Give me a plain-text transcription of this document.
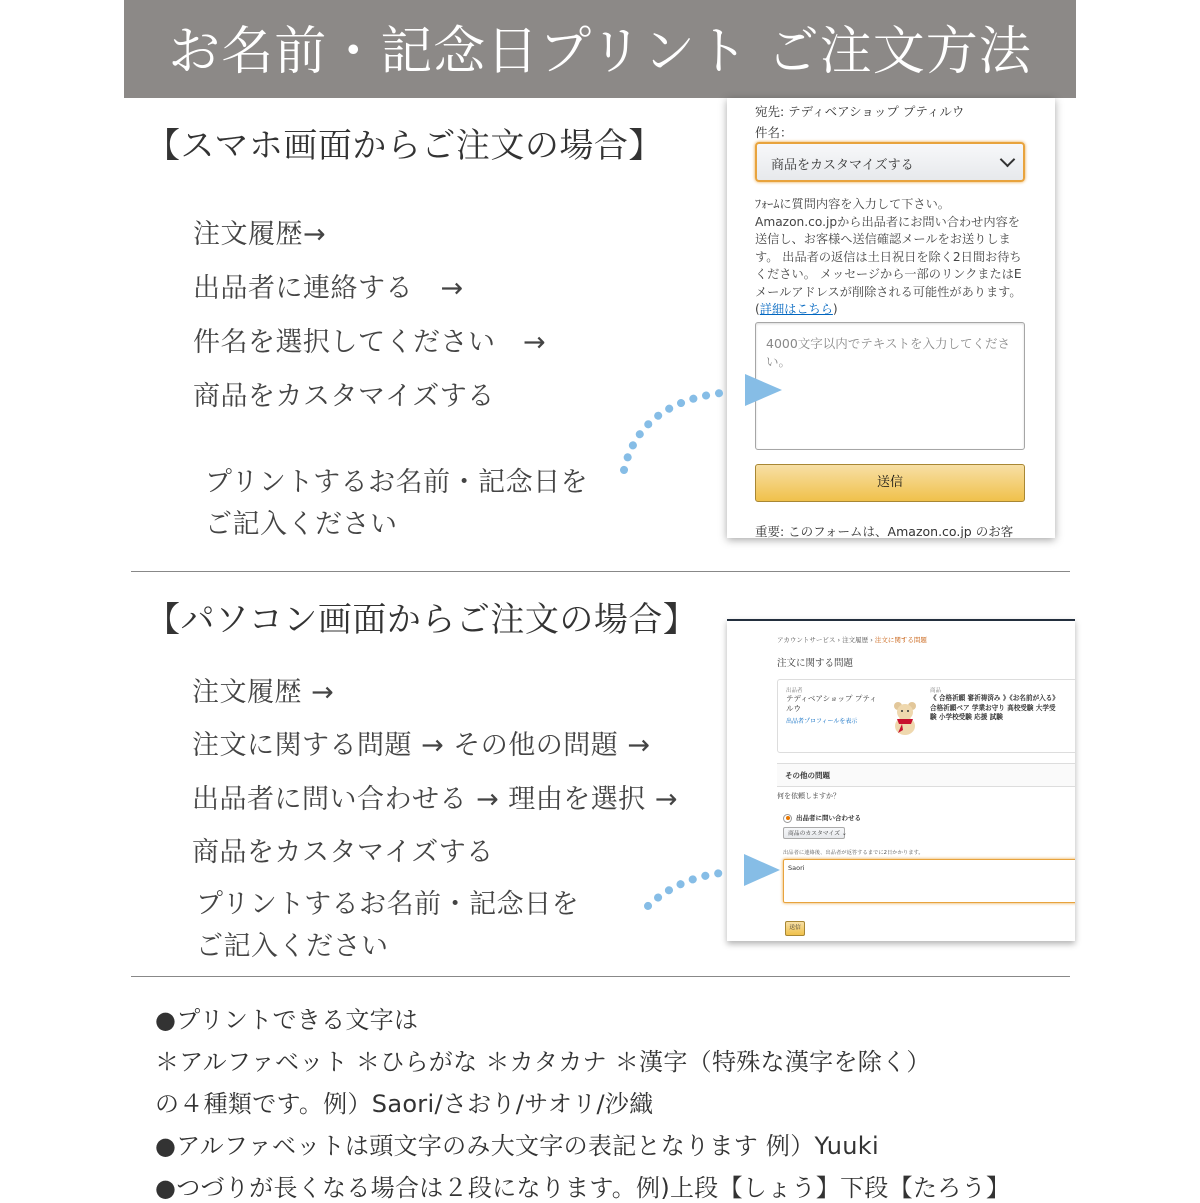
お名前・記念日プリント ご注文方法
【スマホ画面からご注文の場合】
注文履歴→
出品者に連絡する　→
件名を選択してください　→
商品をカスタマイズする
プリントするお名前・記念日を
ご記入ください
宛先: テディベアショップ プティルウ
件名：
商品をカスタマイズする
ﾌｫｰﾑに質問内容を入力して下さい。Amazon.co.jpから出品者にお問い合わせ内容を送信し、お客様へ送信確認メールをお送りします。 出品者の返信は土日祝日を除く2日間お待ちください。 メッセージから一部のリンクまたはEメールアドレスが削除される可能性があります。(詳細はこちら)
4000文字以内でテキストを入力してください。
送信
重要: このフォームは、Amazon.co.jp のお客
【パソコン画面からご注文の場合】
注文履歴 →
注文に関する問題 → その他の問題 →
出品者に問い合わせる → 理由を選択 →
商品をカスタマイズする
プリントするお名前・記念日を
ご記入ください
アカウントサービス › 注文履歴 › 注文に関する問題
注文に関する問題
出品者
テディベアショップ プティルウ
出品者プロフィールを表示
商品
《 合格祈願 審祈祷済み 》《お名前が入る》合格祈願ベア 学業お守り 高校受験 大学受験 小学校受験 応援 試験
その他の問題
何を依頼しますか？
出品者に問い合わせる
商品のカスタマイズ ⌄
出品者に連絡後、出品者が返答するまでに2日かかります。
Saori
送信
●プリントできる文字は
＊アルファベット ＊ひらがな ＊カタカナ ＊漢字（特殊な漢字を除く）
の４種類です。例）Saori/さおり/サオリ/沙織
●アルファベットは頭文字のみ大文字の表記となります 例）Yuuki
●つづりが長くなる場合は２段になります。例)上段【しょう】下段【たろう】
